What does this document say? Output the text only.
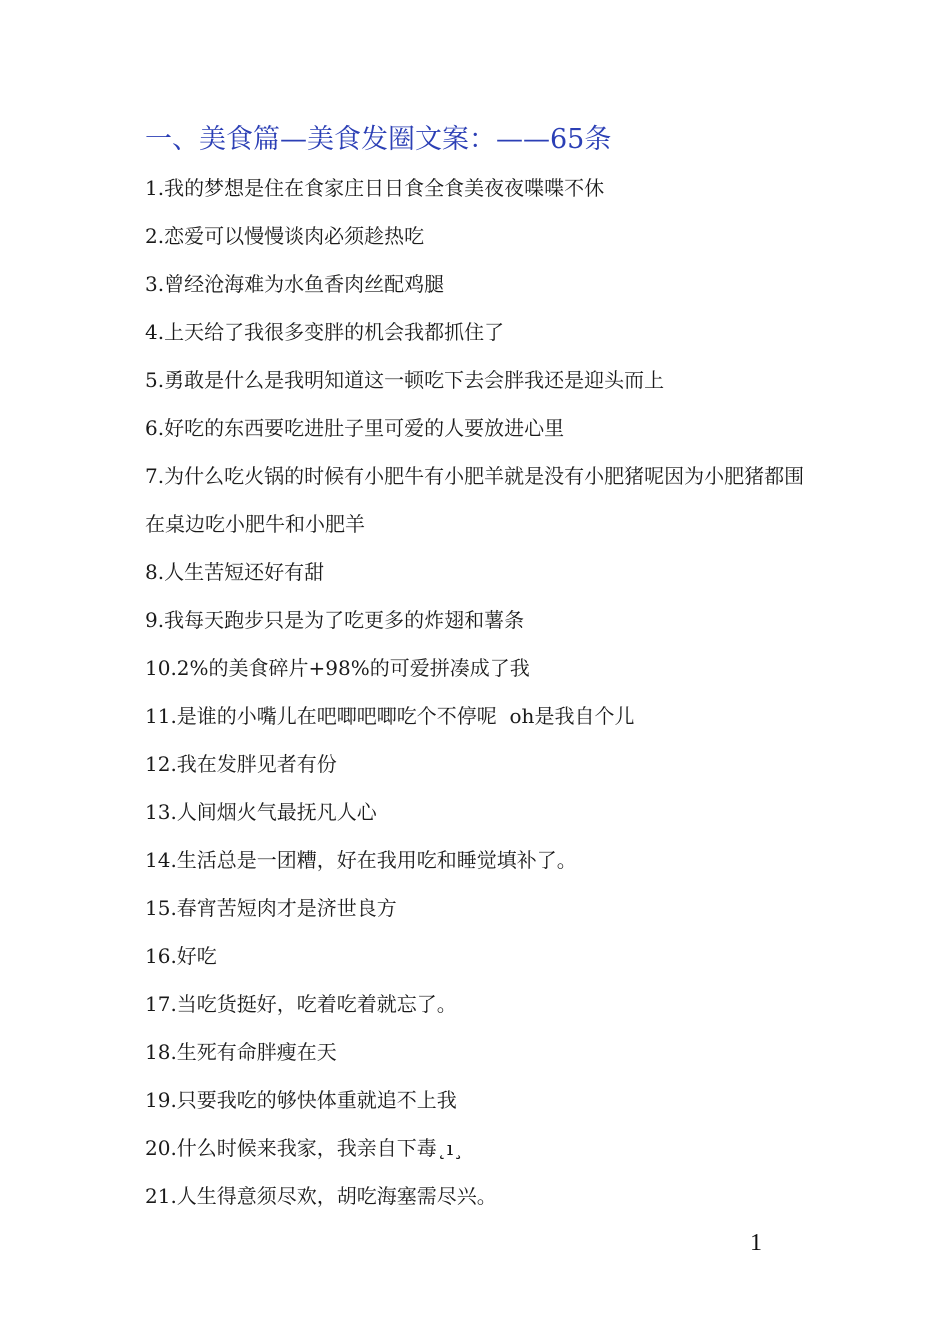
一、美食篇—美食发圈文案：——65条
1.我的梦想是住在食家庄日日食全食美夜夜喋喋不休
2.恋爱可以慢慢谈肉必须趁热吃
3.曾经沧海难为水鱼香肉丝配鸡腿
4.上天给了我很多变胖的机会我都抓住了
5.勇敢是什么是我明知道这一顿吃下去会胖我还是迎头而上
6.好吃的东西要吃进肚子里可爱的人要放进心里
7.为什么吃火锅的时候有小肥牛有小肥羊就是没有小肥猪呢因为小肥猪都围在桌边吃小肥牛和小肥羊
8.人生苦短还好有甜
9.我每天跑步只是为了吃更多的炸翅和薯条
10.2%的美食碎片+98%的可爱拼凑成了我
11.是谁的小嘴儿在吧唧吧唧吃个不停呢  oh是我自个儿
12.我在发胖见者有份
13.人间烟火气最抚凡人心
14.生活总是一团糟，好在我用吃和睡觉填补了。
15.春宵苦短肉才是济世良方
16.好吃
17.当吃货挺好，吃着吃着就忘了。
18.生死有命胖瘦在天
19.只要我吃的够快体重就追不上我
20.什么时候来我家，我亲自下毒˛ı¸
21.人生得意须尽欢，胡吃海塞需尽兴。
1
